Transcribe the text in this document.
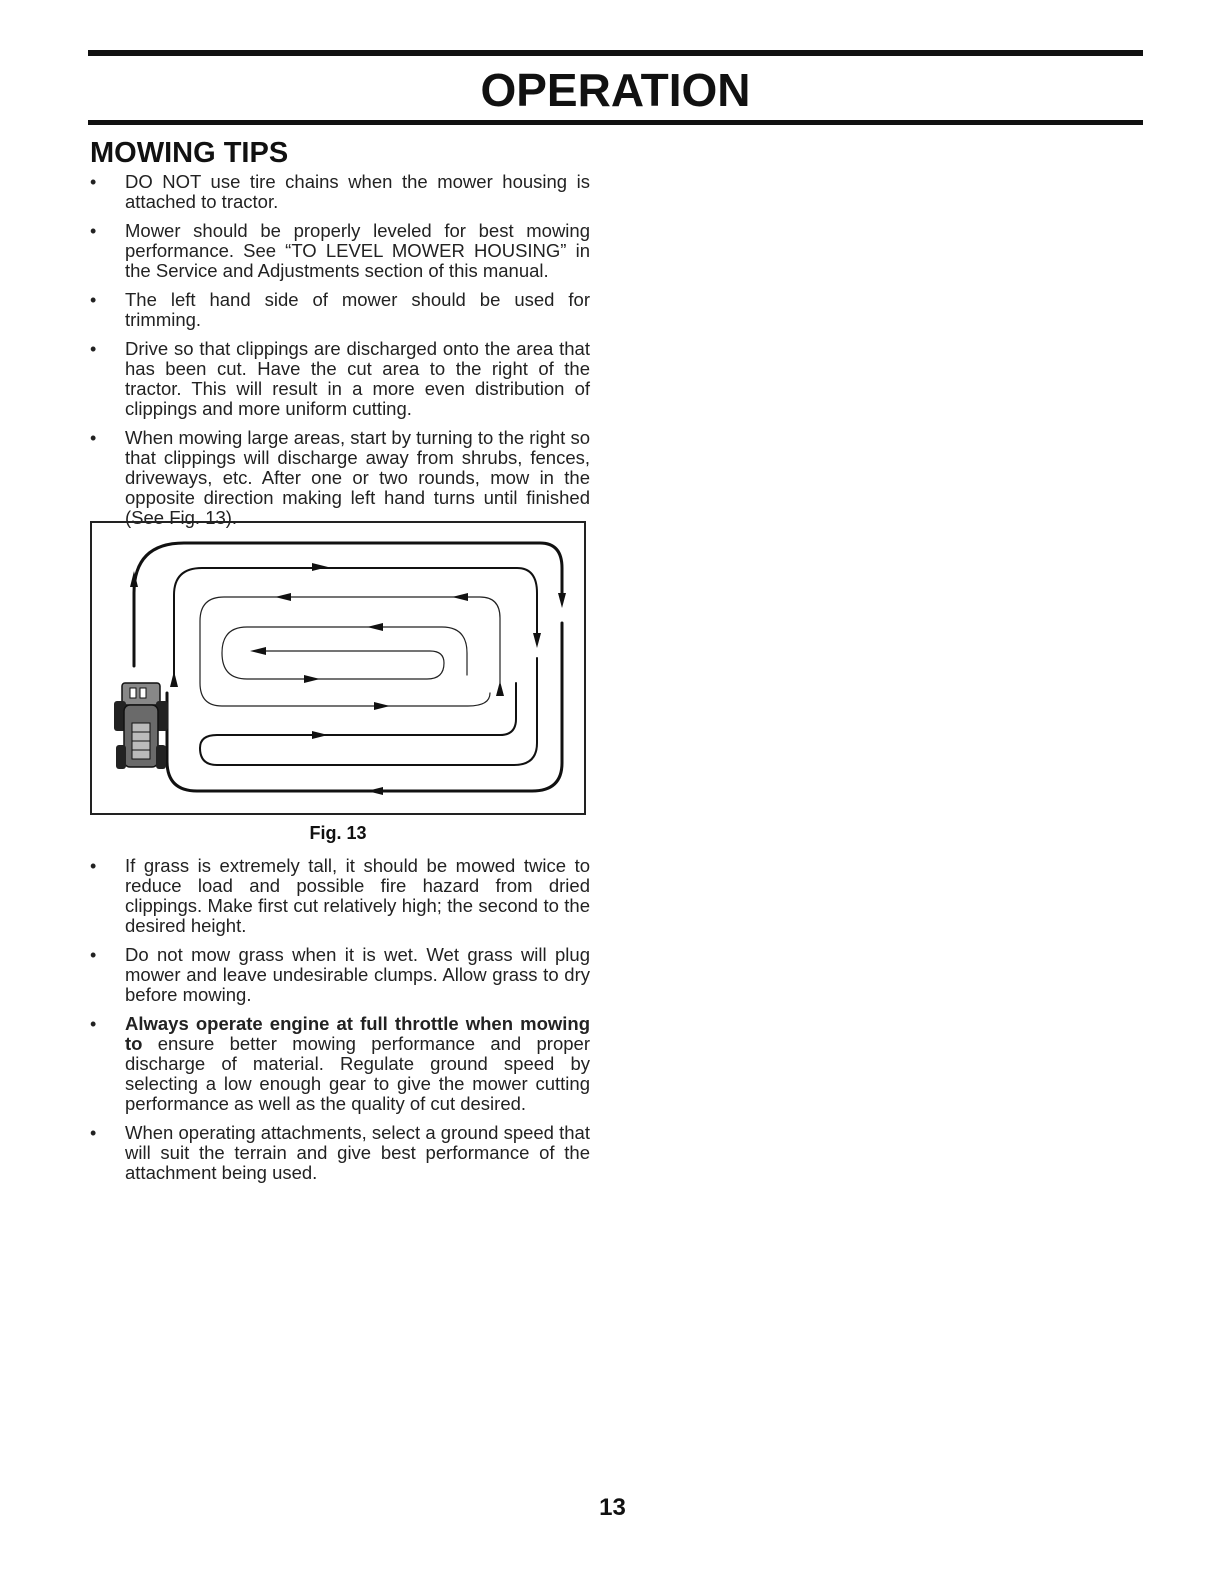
OPERATION
MOWING TIPS
• DO NOT use tire chains when the mower housing is attached to tractor.
• Mower should be properly leveled for best mowing performance. See “TO LEVEL MOWER HOUSING” in the Service and Adjustments section of this manual.
• The left hand side of mower should be used for trimming.
• Drive so that clippings are discharged onto the area that has been cut. Have the cut area to the right of the tractor. This will result in a more even distribution of clippings and more uniform cutting.
• When mowing large areas, start by turning to the right so that clippings will discharge away from shrubs, fences, driveways, etc. After one or two rounds, mow in the opposite direction making left hand turns until finished (See Fig. 13).
Fig. 13
• If grass is extremely tall, it should be mowed twice to reduce load and possible fire hazard from dried clippings. Make first cut relatively high; the second to the desired height.
• Do not mow grass when it is wet. Wet grass will plug mower and leave undesirable clumps. Allow grass to dry before mowing.
• Always operate engine at full throttle when mowing to ensure better mowing performance and proper discharge of material. Regulate ground speed by selecting a low enough gear to give the mower cutting performance as well as the quality of cut desired.
• When operating attachments, select a ground speed that will suit the terrain and give best performance of the attachment being used.
13
